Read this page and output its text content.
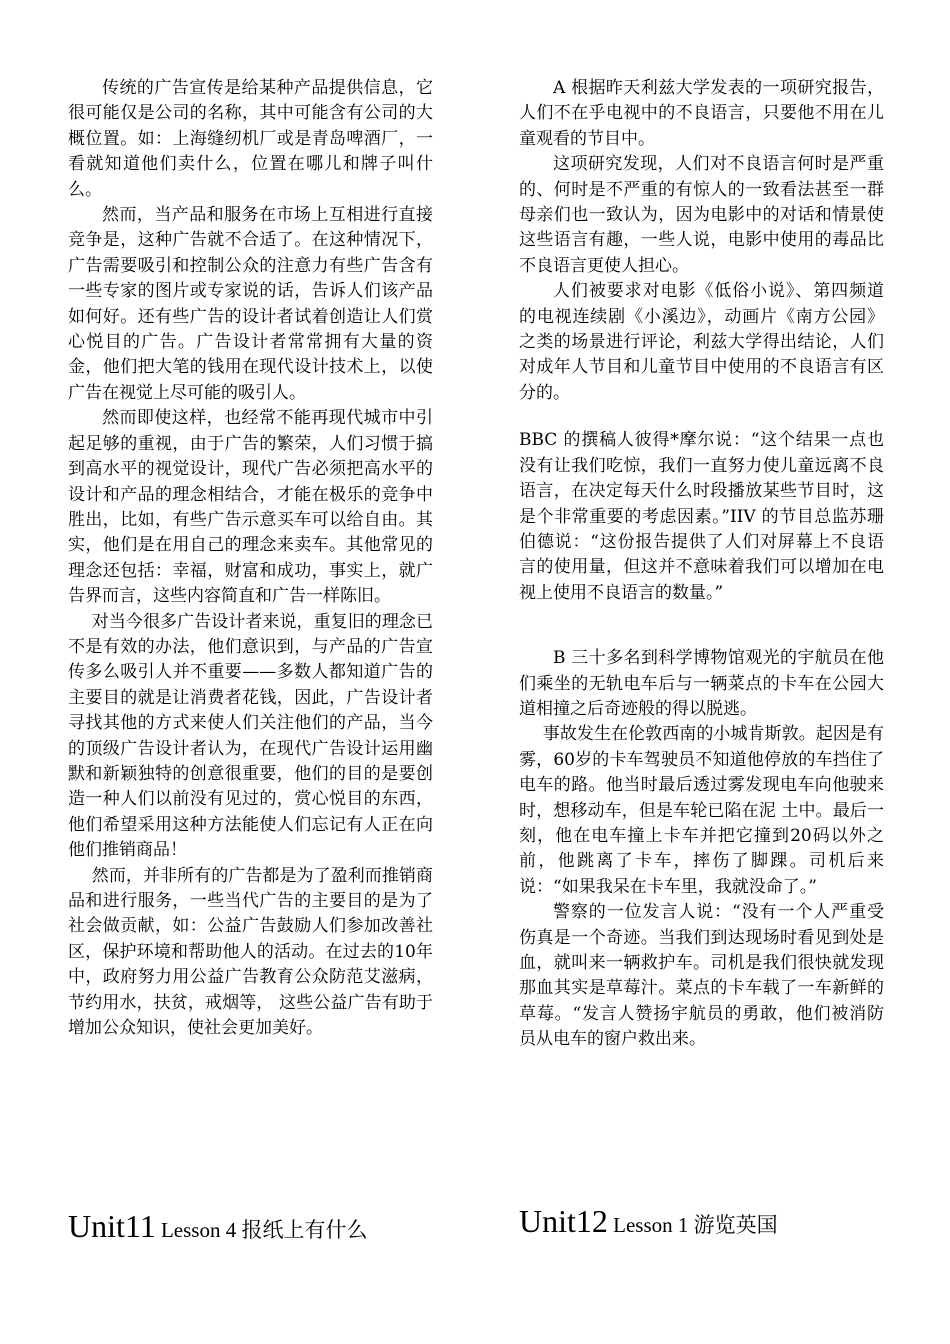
传统的广告宣传是给某种产品提供信息，它很可能仅是公司的名称，其中可能含有公司的大概位置。如：上海缝纫机厂或是青岛啤酒厂，一看就知道他们卖什么，位置在哪儿和牌子叫什么。

然而，当产品和服务在市场上互相进行直接竞争是，这种广告就不合适了。在这种情况下，广告需要吸引和控制公众的注意力有些广告含有一些专家的图片或专家说的话，告诉人们该产品如何好。还有些广告的设计者试着创造让人们赏心悦目的广告。广告设计者常常拥有大量的资金，他们把大笔的钱用在现代设计技术上，以使广告在视觉上尽可能的吸引人。

然而即使这样，也经常不能再现代城市中引起足够的重视，由于广告的繁荣，人们习惯于搞到高水平的视觉设计，现代广告必须把高水平的设计和产品的理念相结合，才能在极乐的竞争中胜出，比如，有些广告示意买车可以给自由。其实，他们是在用自己的理念来卖车。其他常见的理念还包括：幸福，财富和成功，事实上，就广告界而言，这些内容简直和广告一样陈旧。

对当今很多广告设计者来说，重复旧的理念已不是有效的办法，他们意识到，与产品的广告宣传多么吸引人并不重要——多数人都知道广告的主要目的就是让消费者花钱，因此，广告设计者寻找其他的方式来使人们关注他们的产品，当今的顶级广告设计者认为，在现代广告设计运用幽默和新颖独特的创意很重要，他们的目的是要创造一种人们以前没有见过的，赏心悦目的东西，他们希望采用这种方法能使人们忘记有人正在向他们推销商品！

然而，并非所有的广告都是为了盈利而推销商品和进行服务，一些当代广告的主要目的是为了社会做贡献，如：公益广告鼓励人们参加改善社区，保护环境和帮助他人的活动。在过去的10年中，政府努力用公益广告教育公众防范艾滋病，节约用水，扶贫，戒烟等， 这些公益广告有助于增加公众知识，使社会更加美好。

A 根据昨天利兹大学发表的一项研究报告，人们不在乎电视中的不良语言，只要他不用在儿童观看的节目中。

这项研究发现，人们对不良语言何时是严重的、何时是不严重的有惊人的一致看法甚至一群母亲们也一致认为，因为电影中的对话和情景使这些语言有趣，一些人说，电影中使用的毒品比不良语言更使人担心。

人们被要求对电影《低俗小说》、第四频道的电视连续剧《小溪边》，动画片《南方公园》之类的场景进行评论，利兹大学得出结论，人们对成年人节目和儿童节目中使用的不良语言有区分的。

BBC 的撰稿人彼得*摩尔说：“这个结果一点也没有让我们吃惊，我们一直努力使儿童远离不良语言，在决定每天什么时段播放某些节目时，这是个非常重要的考虑因素。”IIV 的节目总监苏珊伯德说：“这份报告提供了人们对屏幕上不良语言的使用量，但这并不意味着我们可以增加在电视上使用不良语言的数量。”

B 三十多名到科学博物馆观光的宇航员在他们乘坐的无轨电车后与一辆菜点的卡车在公园大道相撞之后奇迹般的得以脱逃。

事故发生在伦敦西南的小城肯斯敦。起因是有雾，60岁的卡车驾驶员不知道他停放的车挡住了电车的路。他当时最后透过雾发现电车向他驶来时，想移动车，但是车轮已陷在泥 土中。最后一刻，他在电车撞上卡车并把它撞到20码以外之前，他跳离了卡车，摔伤了脚踝。司机后来说：“如果我呆在卡车里，我就没命了。”

警察的一位发言人说：“没有一个人严重受伤真是一个奇迹。当我们到达现场时看见到处是血，就叫来一辆救护车。司机是我们很快就发现那血其实是草莓汁。菜点的卡车载了一车新鲜的草莓。“发言人赞扬宇航员的勇敢，他们被消防员从电车的窗户救出来。

Unit11 Lesson 4 报纸上有什么	Unit12 Lesson 1 游览英国
